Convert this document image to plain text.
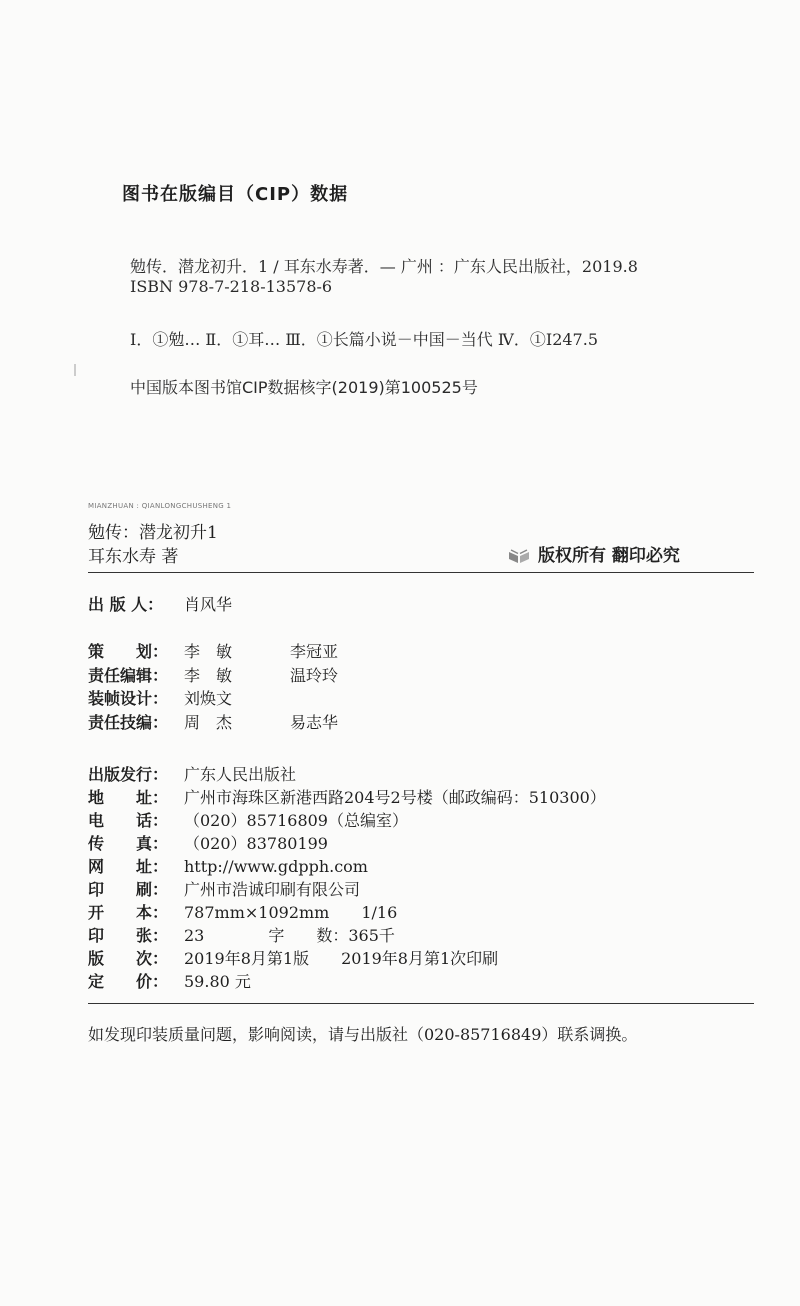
图书在版编目（CIP）数据
勉传．潜龙初升．1 / 耳东水寿著．— 广州 ：广东人民出版社，2019.8
ISBN 978-7-218-13578-6
Ⅰ．①勉… Ⅱ．①耳… Ⅲ．①长篇小说－中国－当代 Ⅳ．①I247.5
中国版本图书馆CIP数据核字(2019)第100525号
MIANZHUAN : QIANLONGCHUSHENG 1
勉传：潜龙初升1
耳东水寿 著	版权所有 翻印必究
出 版 人： 肖风华
策　　划： 李　敏	李冠亚
责任编辑： 李　敏	温玲玲
装帧设计： 刘焕文
责任技编： 周　杰	易志华
出版发行： 广东人民出版社
地　　址： 广州市海珠区新港西路204号2号楼（邮政编码：510300）
电　　话： （020）85716809（总编室）
传　　真： （020）83780199
网　　址： http://www.gdpph.com
印　　刷： 广州市浩诚印刷有限公司
开　　本： 787mm×1092mm　　1/16
印　　张： 23　　　　字　　数：365千
版　　次： 2019年8月第1版　　2019年8月第1次印刷
定　　价： 59.80 元
如发现印装质量问题，影响阅读，请与出版社（020-85716849）联系调换。
